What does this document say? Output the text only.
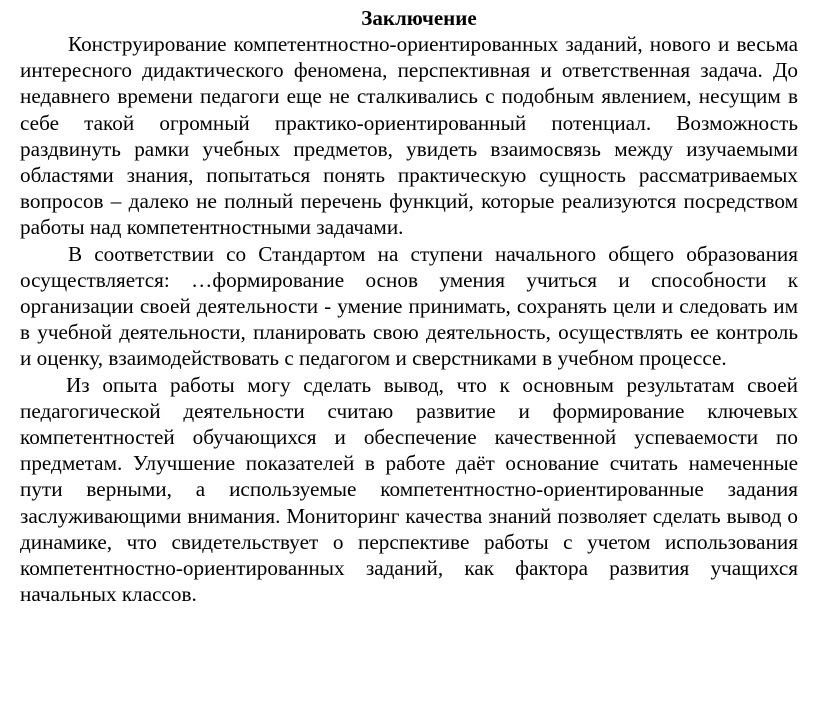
Заключение

Конструирование компетентностно-ориентированных заданий, нового и весьма интересного дидактического феномена, перспективная и ответственная задача. До недавнего времени педагоги еще не сталкивались с подобным явлением, несущим в себе такой огромный практико-ориентированный потенциал. Возможность раздвинуть рамки учебных предметов, увидеть взаимосвязь между изучаемыми областями знания, попытаться понять практическую сущность рассматриваемых вопросов – далеко не полный перечень функций, которые реализуются посредством работы над компетентностными задачами.

В соответствии со Стандартом на ступени начального общего образования осуществляется: …формирование основ умения учиться и способности к организации своей деятельности - умение принимать, сохранять цели и следовать им в учебной деятельности, планировать свою деятельность, осуществлять ее контроль и оценку, взаимодействовать с педагогом и сверстниками в учебном процессе.

Из опыта работы могу сделать вывод, что к основным результатам своей педагогической деятельности считаю развитие и формирование ключевых компетентностей обучающихся и обеспечение качественной успеваемости по предметам. Улучшение показателей в работе даёт основание считать намеченные пути верными, а используемые компетентностно-ориентированные задания заслуживающими внимания. Мониторинг качества знаний позволяет сделать вывод о динамике, что свидетельствует о перспективе работы с учетом использования компетентностно-ориентированных заданий, как фактора развития учащихся начальных классов.
